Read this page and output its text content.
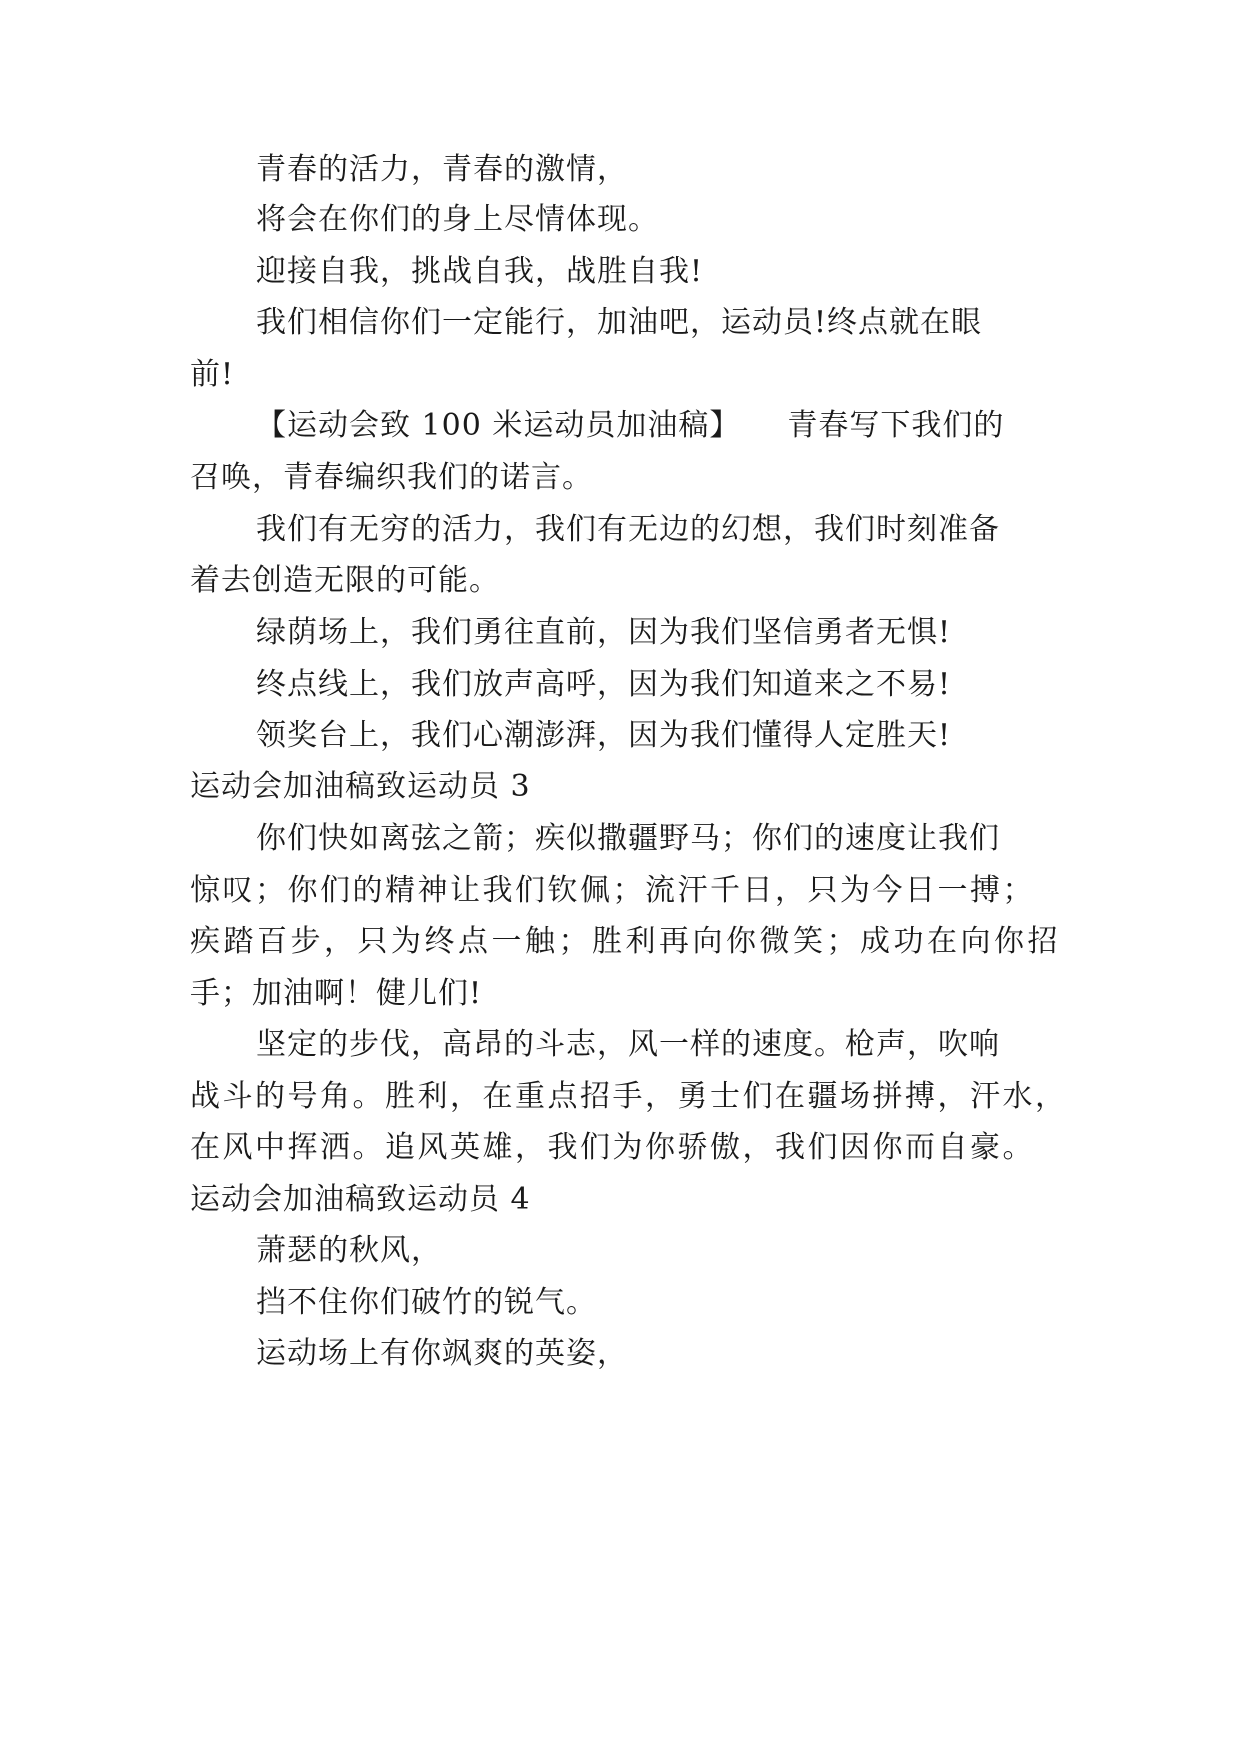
青春的活力，青春的激情，
将会在你们的身上尽情体现。
迎接自我，挑战自我，战胜自我!
我们相信你们一定能行，加油吧，运动员!终点就在眼
前!
【运动会致 100 米运动员加油稿】　　青春写下我们的
召唤，青春编织我们的诺言。
我们有无穷的活力，我们有无边的幻想，我们时刻准备
着去创造无限的可能。
绿荫场上，我们勇往直前，因为我们坚信勇者无惧!
终点线上，我们放声高呼，因为我们知道来之不易!
领奖台上，我们心潮澎湃，因为我们懂得人定胜天!
运动会加油稿致运动员 3
你们快如离弦之箭；疾似撒疆野马；你们的速度让我们
惊叹；你们的精神让我们钦佩；流汗千日，只为今日一搏；
疾踏百步，只为终点一触；胜利再向你微笑；成功在向你招
手；加油啊！健儿们!
坚定的步伐，高昂的斗志，风一样的速度。枪声，吹响
战斗的号角。胜利，在重点招手，勇士们在疆场拼搏，汗水，
在风中挥洒。追风英雄，我们为你骄傲，我们因你而自豪。
运动会加油稿致运动员 4
萧瑟的秋风，
挡不住你们破竹的锐气。
运动场上有你飒爽的英姿，
